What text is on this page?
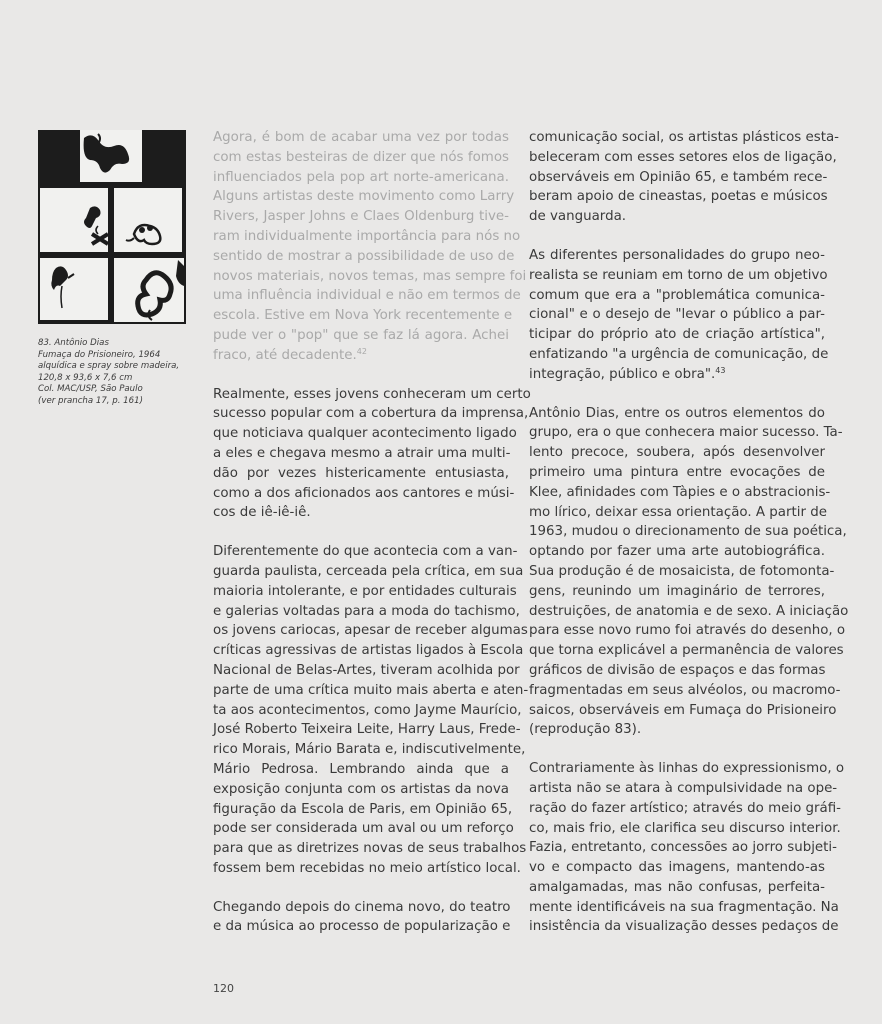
83. Antônio Dias
Fumaça do Prisioneiro, 1964
alquídica e spray sobre madeira,
120,8 x 93,6 x 7,6 cm
Col. MAC/USP, São Paulo
(ver prancha 17, p. 161)

Agora, é bom de acabar uma vez por todas
com estas besteiras de dizer que nós fomos
influenciados pela pop art norte-americana.
Alguns artistas deste movimento como Larry
Rivers, Jasper Johns e Claes Oldenburg tive-
ram individualmente importância para nós no
sentido de mostrar a possibilidade de uso de
novos materiais, novos temas, mas sempre foi
uma influência individual e não em termos de
escola. Estive em Nova York recentemente e
pude ver o "pop" que se faz lá agora. Achei
fraco, até decadente.$^{42}$

Realmente, esses jovens conheceram um certo
sucesso popular com a cobertura da imprensa,
que noticiava qualquer acontecimento ligado
a eles e chegava mesmo a atrair uma multi-
dão por vezes histericamente entusiasta,
como a dos aficionados aos cantores e músi-
cos de iê-iê-iê.

Diferentemente do que acontecia com a van-
guarda paulista, cerceada pela crítica, em sua
maioria intolerante, e por entidades culturais
e galerias voltadas para a moda do tachismo,
os jovens cariocas, apesar de receber algumas
críticas agressivas de artistas ligados à Escola
Nacional de Belas-Artes, tiveram acolhida por
parte de uma crítica muito mais aberta e aten-
ta aos acontecimentos, como Jayme Maurício,
José Roberto Teixeira Leite, Harry Laus, Frede-
rico Morais, Mário Barata e, indiscutivelmente,
Mário Pedrosa. Lembrando ainda que a
exposição conjunta com os artistas da nova
figuração da Escola de Paris, em Opinião 65,
pode ser considerada um aval ou um reforço
para que as diretrizes novas de seus trabalhos
fossem bem recebidas no meio artístico local.

Chegando depois do cinema novo, do teatro
e da música ao processo de popularização e

comunicação social, os artistas plásticos esta-
beleceram com esses setores elos de ligação,
observáveis em Opinião 65, e também rece-
beram apoio de cineastas, poetas e músicos
de vanguarda.

As diferentes personalidades do grupo neo-
realista se reuniam em torno de um objetivo
comum que era a "problemática comunica-
cional" e o desejo de "levar o público a par-
ticipar do próprio ato de criação artística",
enfatizando "a urgência de comunicação, de
integração, público e obra".$^{43}$

Antônio Dias, entre os outros elementos do
grupo, era o que conhecera maior sucesso. Ta-
lento precoce, soubera, após desenvolver
primeiro uma pintura entre evocações de
Klee, afinidades com Tàpies e o abstracionis-
mo lírico, deixar essa orientação. A partir de
1963, mudou o direcionamento de sua poética,
optando por fazer uma arte autobiográfica.
Sua produção é de mosaicista, de fotomonta-
gens, reunindo um imaginário de terrores,
destruições, de anatomia e de sexo. A iniciação
para esse novo rumo foi através do desenho, o
que torna explicável a permanência de valores
gráficos de divisão de espaços e das formas
fragmentadas em seus alvéolos, ou macromo-
saicos, observáveis em Fumaça do Prisioneiro
(reprodução 83).

Contrariamente às linhas do expressionismo, o
artista não se atara à compulsividade na ope-
ração do fazer artístico; através do meio gráfi-
co, mais frio, ele clarifica seu discurso interior.
Fazia, entretanto, concessões ao jorro subjeti-
vo e compacto das imagens, mantendo-as
amalgamadas, mas não confusas, perfeita-
mente identificáveis na sua fragmentação. Na
insistência da visualização desses pedaços de

120
